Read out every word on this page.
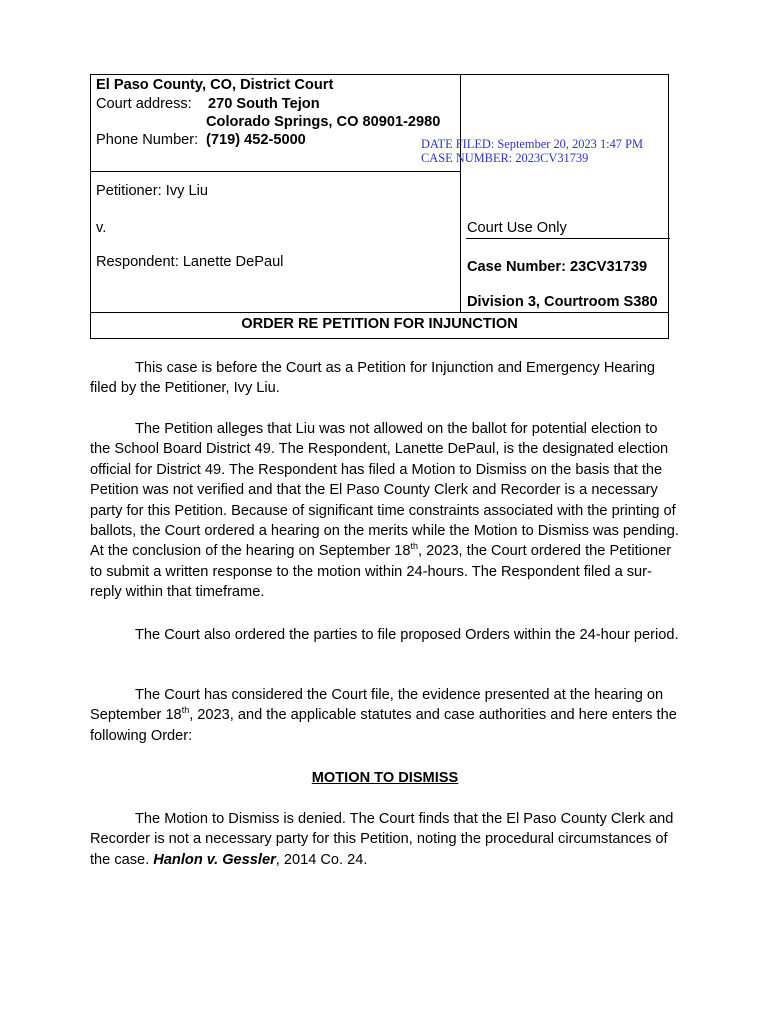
El Paso County, CO, District Court
Court address: 270 South Tejon
Colorado Springs, CO 80901-2980
Phone Number: (719) 452-5000	DATE FILED: September 20, 2023 1:47 PM
CASE NUMBER: 2023CV31739
Petitioner: Ivy Liu
v.
Respondent: Lanette DePaul
Court Use Only
Case Number: 23CV31739
Division 3, Courtroom S380
ORDER RE PETITION FOR INJUNCTION
This case is before the Court as a Petition for Injunction and Emergency Hearing filed by the Petitioner, Ivy Liu.
The Petition alleges that Liu was not allowed on the ballot for potential election to the School Board District 49. The Respondent, Lanette DePaul, is the designated election official for District 49. The Respondent has filed a Motion to Dismiss on the basis that the Petition was not verified and that the El Paso County Clerk and Recorder is a necessary party for this Petition. Because of significant time constraints associated with the printing of ballots, the Court ordered a hearing on the merits while the Motion to Dismiss was pending. At the conclusion of the hearing on September 18th, 2023, the Court ordered the Petitioner to submit a written response to the motion within 24-hours. The Respondent filed a sur-reply within that timeframe.
The Court also ordered the parties to file proposed Orders within the 24-hour period.
The Court has considered the Court file, the evidence presented at the hearing on September 18th, 2023, and the applicable statutes and case authorities and here enters the following Order:
MOTION TO DISMISS
The Motion to Dismiss is denied. The Court finds that the El Paso County Clerk and Recorder is not a necessary party for this Petition, noting the procedural circumstances of the case. Hanlon v. Gessler, 2014 Co. 24.
